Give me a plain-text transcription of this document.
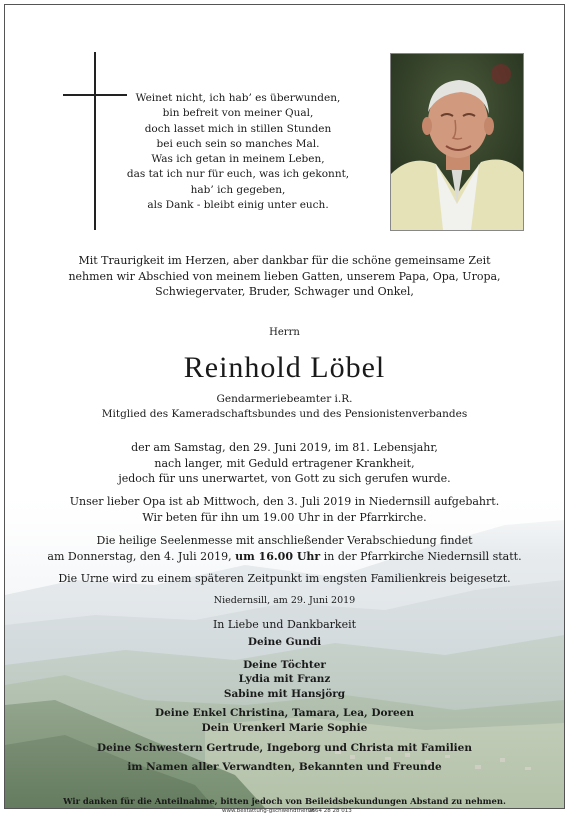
Weinet nicht, ich hab’ es überwunden,
bin befreit von meiner Qual,
doch lasset mich in stillen Stunden
bei euch sein so manches Mal.
Was ich getan in meinem Leben,
das tat ich nur für euch, was ich gekonnt,
hab’ ich gegeben,
als Dank - bleibt einig unter euch.
Mit Traurigkeit im Herzen, aber dankbar für die schöne gemeinsame Zeit
nehmen wir Abschied von meinem lieben Gatten, unserem Papa, Opa, Uropa,
Schwiegervater, Bruder, Schwager und Onkel,
Herrn
Reinhold Löbel
Gendarmeriebeamter i.R.
Mitglied des Kameradschaftsbundes und des Pensionistenverbandes
der am Samstag, den 29. Juni 2019, im 81. Lebensjahr,
nach langer, mit Geduld ertragener Krankheit,
jedoch für uns unerwartet, von Gott zu sich gerufen wurde.
Unser lieber Opa ist ab Mittwoch, den 3. Juli 2019 in Niedernsill aufgebahrt.
Wir beten für ihn um 19.00 Uhr in der Pfarrkirche.
Die heilige Seelenmesse mit anschließender Verabschiedung findet
am Donnerstag, den 4. Juli 2019, um 16.00 Uhr in der Pfarrkirche Niedernsill statt.
Die Urne wird zu einem späteren Zeitpunkt im engsten Familienkreis beigesetzt.
Niedernsill, am 29. Juni 2019
In Liebe und Dankbarkeit
Deine Gundi
Deine Töchter
Lydia mit Franz
Sabine mit Hansjörg
Deine Enkel Christina, Tamara, Lea, Doreen
Dein Urenkerl Marie Sophie
Deine Schwestern Gertrude, Ingeborg und Christa mit Familien
im Namen aller Verwandten, Bekannten und Freunde
Wir danken für die Anteilnahme, bitten jedoch von Beileidsbekundungen Abstand zu nehmen.
www.bestattung-gschwendtner.at
0664 28 28 013
